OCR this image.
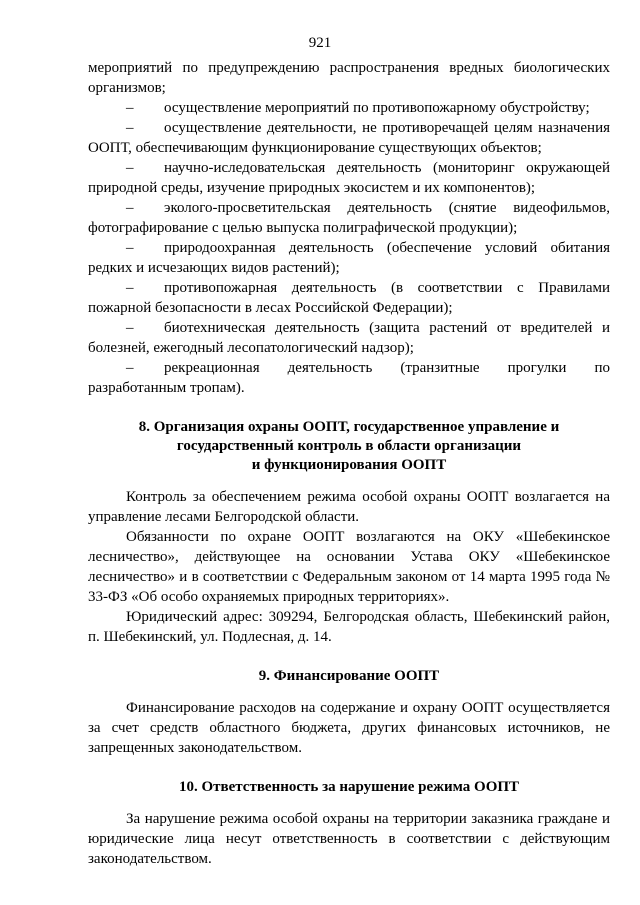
921

мероприятий по предупреждению распространения вредных биологических организмов;

– осуществление мероприятий по противопожарному обустройству;

– осуществление деятельности, не противоречащей целям назначения ООПТ, обеспечивающим функционирование существующих объектов;

– научно-иследовательская деятельность (мониторинг окружающей природной среды, изучение природных экосистем и их компонентов);

– эколого-просветительская деятельность (снятие видеофильмов, фотографирование с целью выпуска полиграфической продукции);

– природоохранная деятельность (обеспечение условий обитания редких и исчезающих видов растений);

– противопожарная деятельность (в соответствии с Правилами пожарной безопасности в лесах Российской Федерации);

– биотехническая деятельность (защита растений от вредителей и болезней, ежегодный лесопатологический надзор);

– рекреационная деятельность (транзитные прогулки по разработанным тропам).

8. Организация охраны ООПТ, государственное управление и
государственный контроль в области организации
и функционирования ООПТ

Контроль за обеспечением режима особой охраны ООПТ возлагается на управление лесами Белгородской области.

Обязанности по охране ООПТ возлагаются на ОКУ «Шебекинское лесничество», действующее на основании Устава ОКУ «Шебекинское лесничество» и в соответствии с Федеральным законом от 14 марта 1995 года № 33-ФЗ «Об особо охраняемых природных территориях».

Юридический адрес: 309294, Белгородская область, Шебекинский район, п. Шебекинский, ул. Подлесная, д. 14.

9. Финансирование ООПТ

Финансирование расходов на содержание и охрану ООПТ осуществляется за счет средств областного бюджета, других финансовых источников, не запрещенных законодательством.

10. Ответственность за нарушение режима ООПТ

За нарушение режима особой охраны на территории заказника граждане и юридические лица несут ответственность в соответствии с действующим законодательством.
